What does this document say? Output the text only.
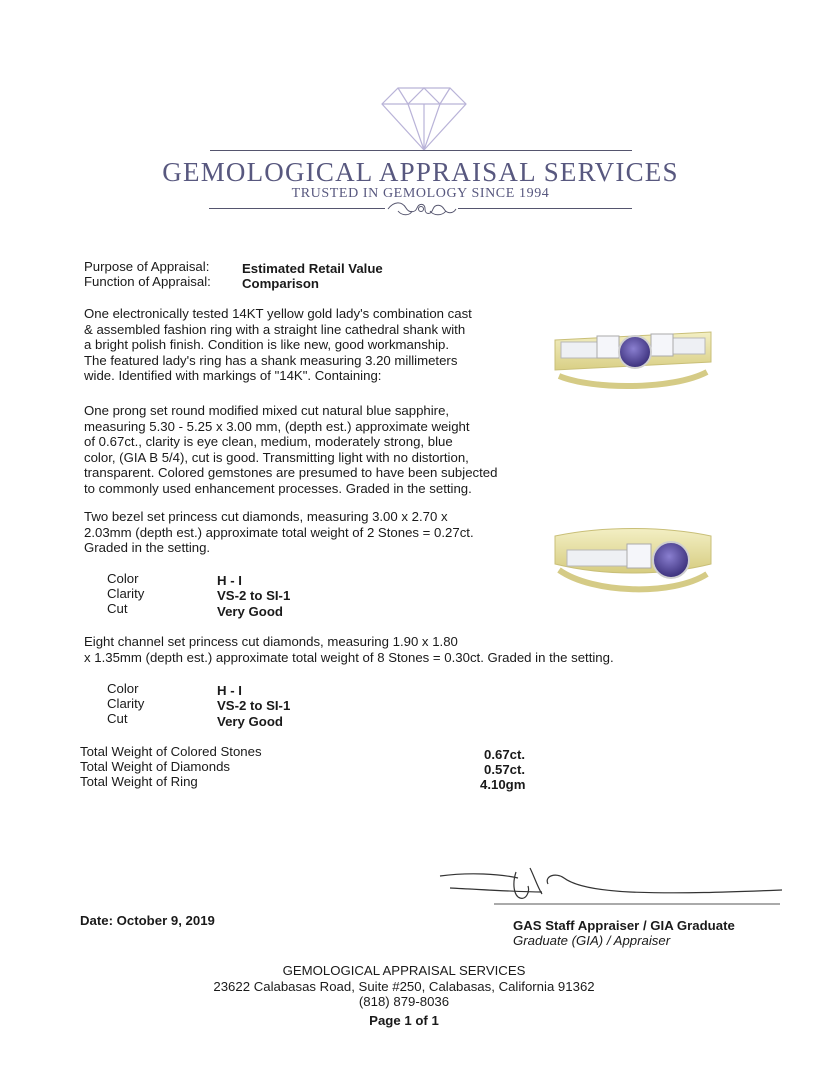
GEMOLOGICAL APPRAISAL SERVICES
TRUSTED IN GEMOLOGY SINCE 1994
Purpose of Appraisal: Estimated Retail Value
Function of Appraisal: Comparison
One electronically tested 14KT yellow gold lady's combination cast
& assembled fashion ring with a straight line cathedral shank with
a bright polish finish. Condition is like new, good workmanship.
The featured lady's ring has a shank measuring 3.20 millimeters
wide. Identified with markings of "14K". Containing:
One prong set round modified mixed cut natural blue sapphire,
measuring 5.30 - 5.25 x 3.00 mm, (depth est.) approximate weight
of 0.67ct., clarity is eye clean, medium, moderately strong, blue
color, (GIA B 5/4), cut is good. Transmitting light with no distortion,
transparent. Colored gemstones are presumed to have been subjected
to commonly used enhancement processes. Graded in the setting.
Two bezel set princess cut diamonds, measuring 3.00 x 2.70 x
2.03mm (depth est.) approximate total weight of 2 Stones = 0.27ct.
Graded in the setting.
Color	H - I
Clarity	VS-2 to SI-1
Cut	Very Good
Eight channel set princess cut diamonds, measuring 1.90 x 1.80
x 1.35mm (depth est.) approximate total weight of 8 Stones = 0.30ct. Graded in the setting.
Color	H - I
Clarity	VS-2 to SI-1
Cut	Very Good
Total Weight of Colored Stones	0.67ct.
Total Weight of Diamonds	0.57ct.
Total Weight of Ring	4.10gm
Date: October 9, 2019	GAS Staff Appraiser / GIA Graduate
Graduate (GIA) / Appraiser
GEMOLOGICAL APPRAISAL SERVICES
23622 Calabasas Road, Suite #250, Calabasas, California 91362
(818) 879-8036
Page 1 of 1
